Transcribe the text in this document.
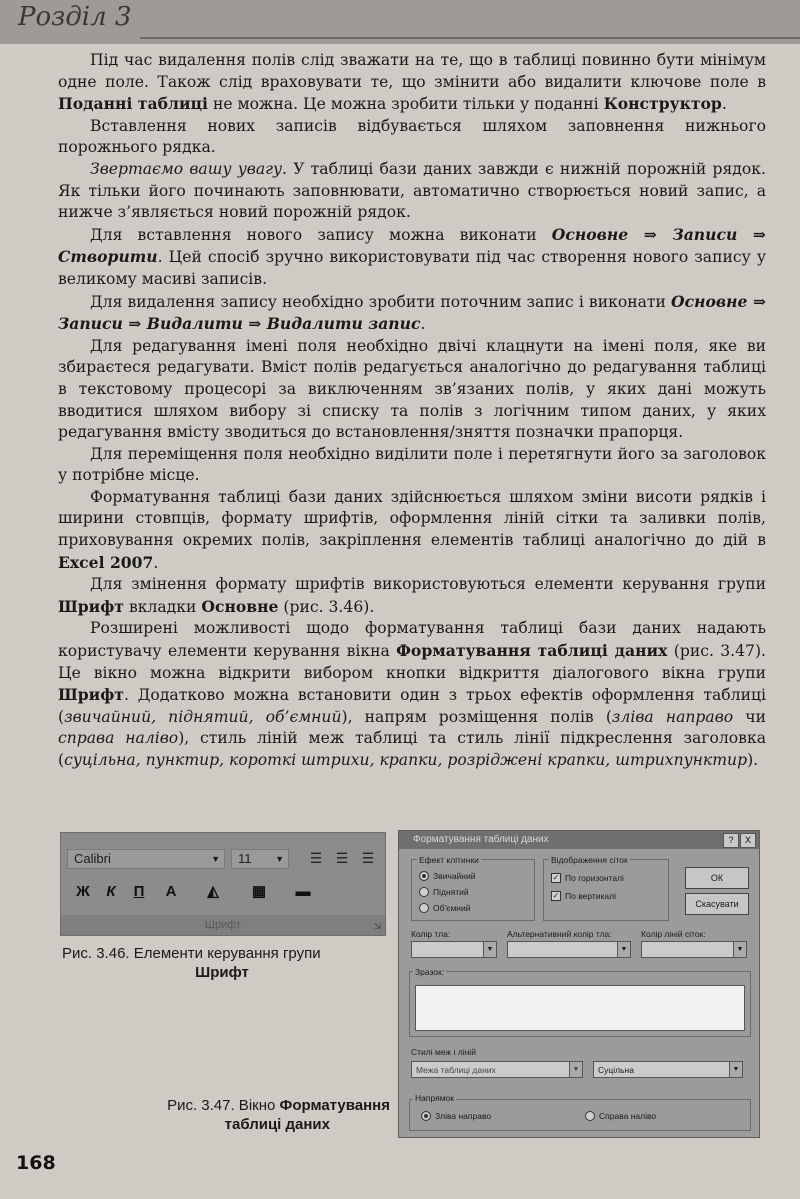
Розділ 3

Під час видалення полів слід зважати на те, що в таблиці повинно бути мінімум одне поле. Також слід враховувати те, що змінити або видалити ключове поле в Поданні таблиці не можна. Це можна зробити тільки у поданні Конструктор.

Вставлення нових записів відбувається шляхом заповнення нижнього порожнього рядка.

Звертаємо вашу увагу. У таблиці бази даних завжди є нижній порожній рядок. Як тільки його починають заповнювати, автоматично створюється новий запис, а нижче з’являється новий порожній рядок.

Для вставлення нового запису можна виконати Основне ⇒ Записи ⇒ Створити. Цей спосіб зручно використовувати під час створення нового запису у великому масиві записів.

Для видалення запису необхідно зробити поточним запис і виконати Основне ⇒ Записи ⇒ Видалити ⇒ Видалити запис.

Для редагування імені поля необхідно двічі клацнути на імені поля, яке ви збираєтеся редагувати. Вміст полів редагується аналогічно до редагування таблиці в текстовому процесорі за виключенням зв’язаних полів, у яких дані можуть вводитися шляхом вибору зі списку та полів з логічним типом даних, у яких редагування вмісту зводиться до встановлення/зняття позначки прапорця.

Для переміщення поля необхідно виділити поле і перетягнути його за заголовок у потрібне місце.

Форматування таблиці бази даних здійснюється шляхом зміни висоти рядків і ширини стовпців, формату шрифтів, оформлення ліній сітки та заливки полів, приховування окремих полів, закріплення елементів таблиці аналогічно до дій в Excel 2007.

Для змінення формату шрифтів використовуються елементи керування групи Шрифт вкладки Основне (рис. 3.46).

Розширені можливості щодо форматування таблиці бази даних надають користувачу елементи керування вікна Форматування таблиці даних (рис. 3.47). Це вікно можна відкрити вибором кнопки відкриття діалогового вікна групи Шрифт. Додатково можна встановити один з трьох ефектів оформлення таблиці (звичайний, піднятий, об’ємний), напрям розміщення полів (зліва направо чи справа наліво), стиль ліній меж таблиці та стиль лінії підкреслення заголовка (суцільна, пунктир, короткі штрихи, крапки, розріджені крапки, штрихпунктир).

Calibri	▼	11	▼	☰ ☰ ☰
Ж	К	П	А	◭	▦	▬
Шрифт	⇲
Рис. 3.46. Елементи керування групи

Шрифт
Рис. 3.47. Вікно Форматування
таблиці даних
Форматування таблиці даних	?	X
Ефект клітинки
Звичайний
Піднятий
Об'ємний
Відображення сіток
✓ По горизонталі
✓ По вертикалі
ОК
Скасувати
Колір тла:
▼
Альтернативний колір тла:
▼
Колір ліній сіток:
▼
Зразок:
Стилі меж і ліній
Межа таблиці даних	▼	Суцільна	▼
Напрямок
Зліва направо	Справа наліво
168
